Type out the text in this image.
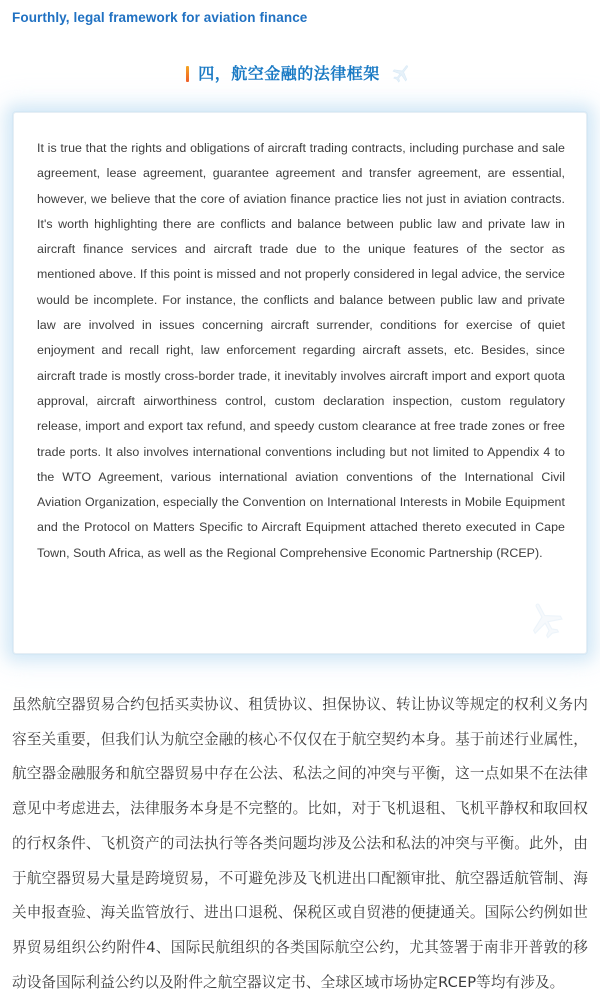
Fourthly, legal framework for aviation finance
四，航空金融的法律框架
It is true that the rights and obligations of aircraft trading contracts, including purchase and sale agreement, lease agreement, guarantee agreement and transfer agreement, are essential, however, we believe that the core of aviation finance practice lies not just in aviation contracts. It's worth highlighting there are conflicts and balance between public law and private law in aircraft finance services and aircraft trade due to the unique features of the sector as mentioned above. If this point is missed and not properly considered in legal advice, the service would be incomplete. For instance, the conflicts and balance between public law and private law are involved in issues concerning aircraft surrender, conditions for exercise of quiet enjoyment and recall right, law enforcement regarding aircraft assets, etc. Besides, since aircraft trade is mostly cross-border trade, it inevitably involves aircraft import and export quota approval, aircraft airworthiness control, custom declaration inspection, custom regulatory release, import and export tax refund, and speedy custom clearance at free trade zones or free trade ports. It also involves international conventions including but not limited to Appendix 4 to the WTO Agreement, various international aviation conventions of the International Civil Aviation Organization, especially the Convention on International Interests in Mobile Equipment and the Protocol on Matters Specific to Aircraft Equipment attached thereto executed in Cape Town, South Africa, as well as the Regional Comprehensive Economic Partnership (RCEP).
虽然航空器贸易合约包括买卖协议、租赁协议、担保协议、转让协议等规定的权利义务内容至关重要，但我们认为航空金融的核心不仅仅在于航空契约本身。基于前述行业属性，航空器金融服务和航空器贸易中存在公法、私法之间的冲突与平衡，这一点如果不在法律意见中考虑进去，法律服务本身是不完整的。比如，对于飞机退租、飞机平静权和取回权的行权条件、飞机资产的司法执行等各类问题均涉及公法和私法的冲突与平衡。此外，由于航空器贸易大量是跨境贸易，不可避免涉及飞机进出口配额审批、航空器适航管制、海关申报查验、海关监管放行、进出口退税、保税区或自贸港的便捷通关。国际公约例如世界贸易组织公约附件4、国际民航组织的各类国际航空公约，尤其签署于南非开普敦的移动设备国际利益公约以及附件之航空器议定书、全球区域市场协定RCEP等均有涉及。
